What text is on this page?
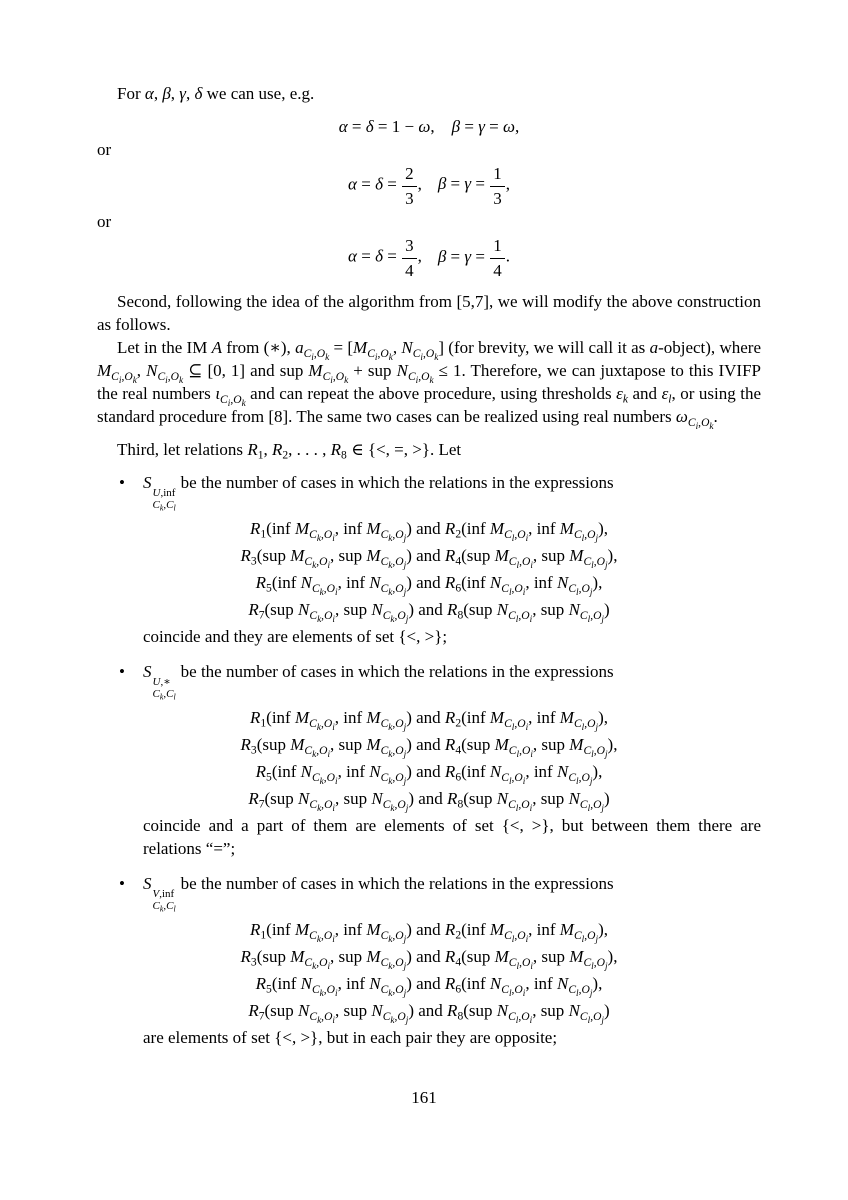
For α, β, γ, δ we can use, e.g.

α = δ = 1 − ω, β = γ = ω,

or

$\alpha = \delta = \frac{2}{3}$ , $\beta = \gamma = \frac{1}{3}$ ,

or

$\alpha = \delta = \frac{3}{4}$ , $\beta = \gamma = \frac{1}{4}$ .

Second, following the idea of the algorithm from [5,7], we will modify the above construction as follows.

Let in the IM A from (∗), $a_{C_i,O_k} = [M_{C_i,O_k}$, $N_{C_i,O_k}$] (for brevity, we will call it as a-object), where $M_{C_i,O_k}$, $N_{C_i,O_k}$ ⊆ [0, 1] and sup $M_{C_i,O_k}$ + sup $N_{C_i,O_k} \le 1$. Therefore, we can juxtapose to this IVIFP the real numbers $\iota_{C_i,O_k}$ and can repeat the above procedure, using thresholds $\varepsilon_k$ and $\varepsilon_l$, or using the standard procedure from [8]. The same two cases can be realized using real numbers $\omega_{C_i,O_k}$.

Third, let relations $R_1$, $R_2$, . . . , $R_8$ ∈ {<, =, >}. Let

•	S
U,inf
$C_k,C_l$
be the number of cases in which the relations in the expressions
$R_1(inf$ $M_{C_k,O_i}$, inf $M_{C_k,O_j}$) and $R_2(inf$ $M_{C_l,O_i}$, inf $M_{C_l,O_j}$),
$R_3(sup$ $M_{C_k,O_i}$, sup $M_{C_k,O_j}$) and $R_4(sup$ $M_{C_l,O_i}$, sup $M_{C_l,O_j}$),
$R_5(inf$ $N_{C_k,O_i}$, inf $N_{C_k,O_j}$) and $R_6(inf$ $N_{C_l,O_i}$, inf $N_{C_l,O_j}$),
$R_7(sup$ $N_{C_k,O_i}$, sup $N_{C_k,O_j}$) and $R_8(sup$ $N_{C_l,O_i}$, sup $N_{C_l,O_j}$)

coincide and they are elements of set {<, >};

•	S
U,∗
$C_k,C_l$
be the number of cases in which the relations in the expressions
$R_1(inf$ $M_{C_k,O_i}$, inf $M_{C_k,O_j}$) and $R_2(inf$ $M_{C_l,O_i}$, inf $M_{C_l,O_j}$),
$R_3(sup$ $M_{C_k,O_i}$, sup $M_{C_k,O_j}$) and $R_4(sup$ $M_{C_l,O_i}$, sup $M_{C_l,O_j}$),
$R_5(inf$ $N_{C_k,O_i}$, inf $N_{C_k,O_j}$) and $R_6(inf$ $N_{C_l,O_i}$, inf $N_{C_l,O_j}$),
$R_7(sup$ $N_{C_k,O_i}$, sup $N_{C_k,O_j}$) and $R_8(sup$ $N_{C_l,O_i}$, sup $N_{C_l,O_j}$)

coincide and a part of them are elements of set {<, >}, but between them there are relations “=”;

•	S
V,inf
$C_k,C_l$
be the number of cases in which the relations in the expressions
$R_1(inf$ $M_{C_k,O_i}$, inf $M_{C_k,O_j}$) and $R_2(inf$ $M_{C_l,O_i}$, inf $M_{C_l,O_j}$),
$R_3(sup$ $M_{C_k,O_i}$, sup $M_{C_k,O_j}$) and $R_4(sup$ $M_{C_l,O_i}$, sup $M_{C_l,O_j}$),
$R_5(inf$ $N_{C_k,O_i}$, inf $N_{C_k,O_j}$) and $R_6(inf$ $N_{C_l,O_i}$, inf $N_{C_l,O_j}$),
$R_7(sup$ $N_{C_k,O_i}$, sup $N_{C_k,O_j}$) and $R_8(sup$ $N_{C_l,O_i}$, sup $N_{C_l,O_j}$)

are elements of set {<, >}, but in each pair they are opposite;

161
